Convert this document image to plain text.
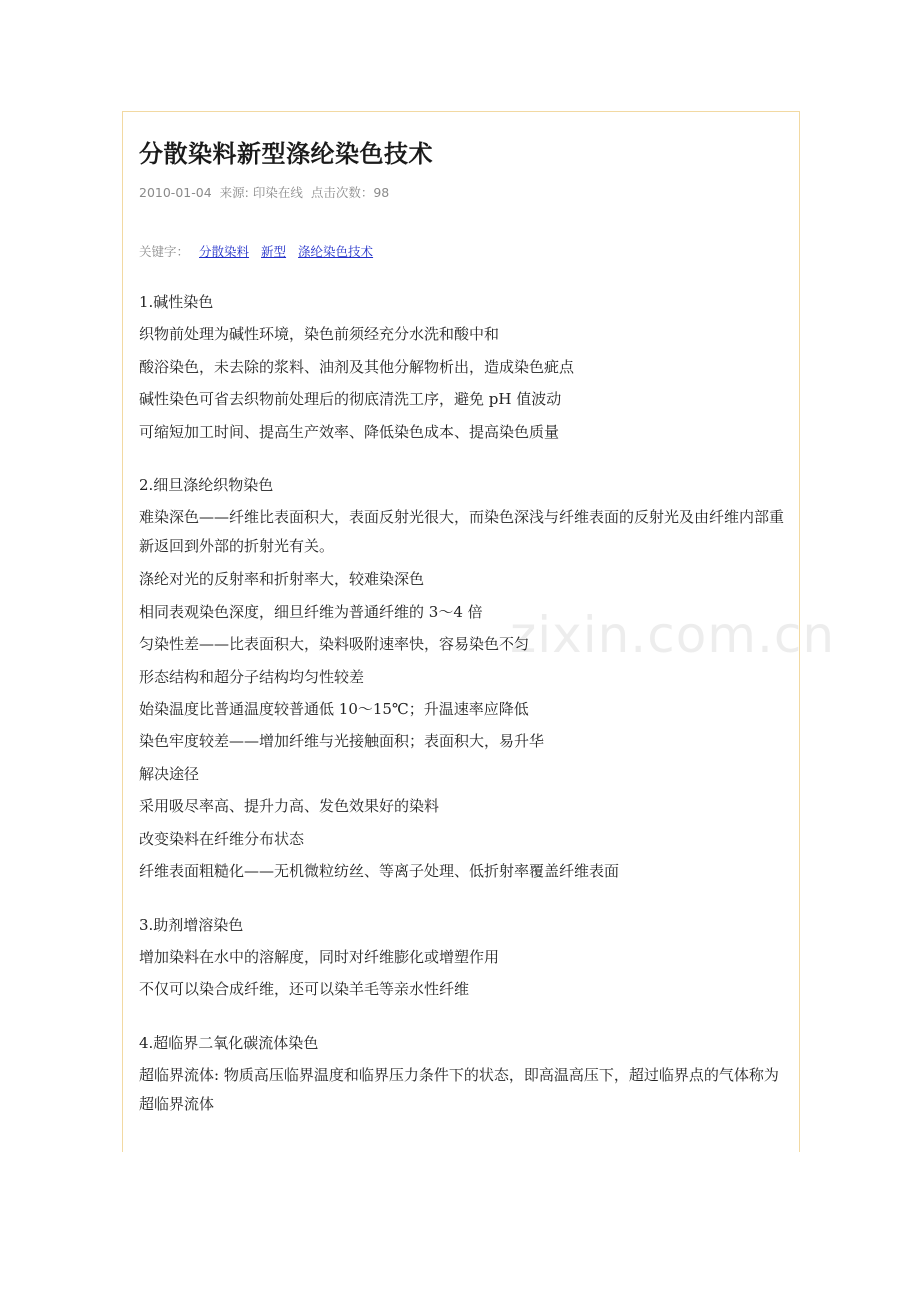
分散染料新型涤纶染色技术
2010-01-04 来源: 印染在线 点击次数：98
关键字： 分散染料 新型 涤纶染色技术

1.碱性染色

织物前处理为碱性环境，染色前须经充分水洗和酸中和

酸浴染色，未去除的浆料、油剂及其他分解物析出，造成染色疵点

碱性染色可省去织物前处理后的彻底清洗工序，避免 pH 值波动

可缩短加工时间、提高生产效率、降低染色成本、提高染色质量

2.细旦涤纶织物染色

难染深色——纤维比表面积大，表面反射光很大，而染色深浅与纤维表面的反射光及由纤维内部重新返回到外部的折射光有关。

涤纶对光的反射率和折射率大，较难染深色

相同表观染色深度，细旦纤维为普通纤维的 3～4 倍

匀染性差——比表面积大，染料吸附速率快，容易染色不匀

形态结构和超分子结构均匀性较差

始染温度比普通温度较普通低 10～15℃；升温速率应降低

染色牢度较差——增加纤维与光接触面积；表面积大，易升华

解决途径

采用吸尽率高、提升力高、发色效果好的染料

改变染料在纤维分布状态

纤维表面粗糙化——无机微粒纺丝、等离子处理、低折射率覆盖纤维表面

3.助剂增溶染色

增加染料在水中的溶解度，同时对纤维膨化或增塑作用

不仅可以染合成纤维，还可以染羊毛等亲水性纤维

4.超临界二氧化碳流体染色

超临界流体: 物质高压临界温度和临界压力条件下的状态，即高温高压下，超过临界点的气体称为超临界流体
